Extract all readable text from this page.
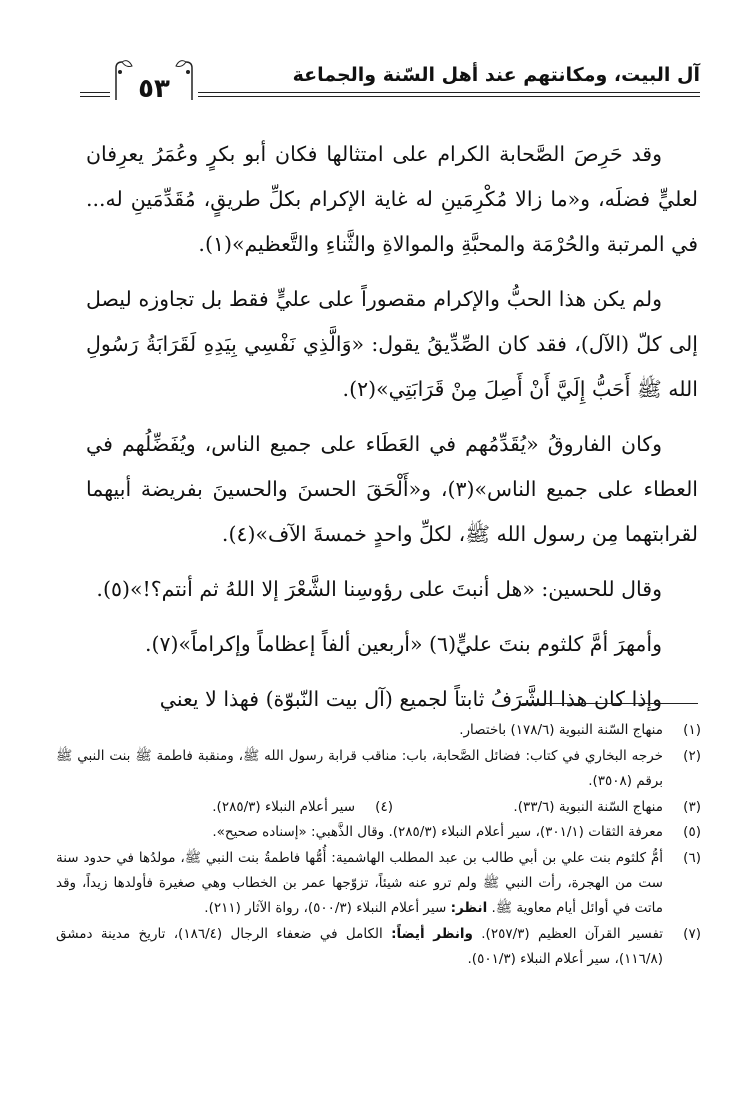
آل البيت، ومكانتهم عند أهل السّنة والجماعة
٥٣

وقد حَرِصَ الصَّحابة الكرام على امتثالها فكان أبو بكرٍ وعُمَرُ يعرِفان لعليٍّ فضلَه، و«ما زالا مُكْرِمَينِ له غاية الإكرام بكلِّ طريقٍ، مُقَدِّمَينِ له... في المرتبة والحُرْمَة والمحبَّةِ والموالاةِ والثَّناءِ والتَّعظيم»(١).

ولم يكن هذا الحبُّ والإكرام مقصوراً على عليٍّ فقط بل تجاوزه ليصل إلى كلّ (الآل)، فقد كان الصِّدِّيقُ يقول: «وَالَّذِي نَفْسِي بِيَدِهِ لَقَرَابَةُ رَسُولِ الله ﷺ أَحَبُّ إِلَيَّ أَنْ أَصِلَ مِنْ قَرَابَتِي»(٢).

وكان الفاروقُ «يُقَدِّمُهم في العَطَاء على جميع الناس، ويُفَضِّلُهم في العطاء على جميع الناس»(٣)، و«أَلْحَقَ الحسنَ والحسينَ بفريضة أبيهما لقرابتهما مِن رسول الله ﷺ، لكلِّ واحدٍ خمسةَ الآف»(٤).

وقال للحسين: «هل أنبتَ على رؤوسِنا الشَّعْرَ إلا اللهُ ثم أنتم؟!»(٥).

وأمهرَ أمَّ كلثوم بنتَ عليٍّ(٦) «أربعين ألفاً إعظاماً وإكراماً»(٧).

وإذا كان هذا الشَّرَفُ ثابتاً لجميع (آل بيت النّبوّة) فهذا لا يعني

(١)
منهاج السّنة النبوية (١٧٨/٦) باختصار.
(٢)
خرجه البخاري في كتاب: فضائل الصَّحابة، باب: مناقب قرابة رسول الله ﷺ، ومنقبة فاطمة ﷺ بنت النبي ﷺ برقم (٣٥٠٨).
(٣)
منهاج السّنة النبوية (٣٣/٦).
(٤)
سير أعلام النبلاء (٢٨٥/٣).
(٥)
معرفة الثقات (٣٠١/١)، سير أعلام النبلاء (٢٨٥/٣). وقال الذَّهبي: «إسناده صحيح».
(٦)
أمُّ كلثوم بنت علي بن أبي طالب بن عبد المطلب الهاشمية: أُمُّها فاطمةُ بنت النبي ﷺ، مولدُها في حدود سنة ست من الهجرة، رأت النبي ﷺ ولم ترو عنه شيئاً، تزوّجها عمر بن الخطاب وهي صغيرة فأولدها زيداً، وقد ماتت في أوائل أيام معاوية ﷺ. انظر: سير أعلام النبلاء (٥٠٠/٣)، رواة الآثار (٢١١).
(٧)
تفسير القرآن العظيم (٢٥٧/٣). وانظر أيضاً: الكامل في ضعفاء الرجال (١٨٦/٤)، تاريخ مدينة دمشق (١١٦/٨)، سير أعلام النبلاء (٥٠١/٣).
